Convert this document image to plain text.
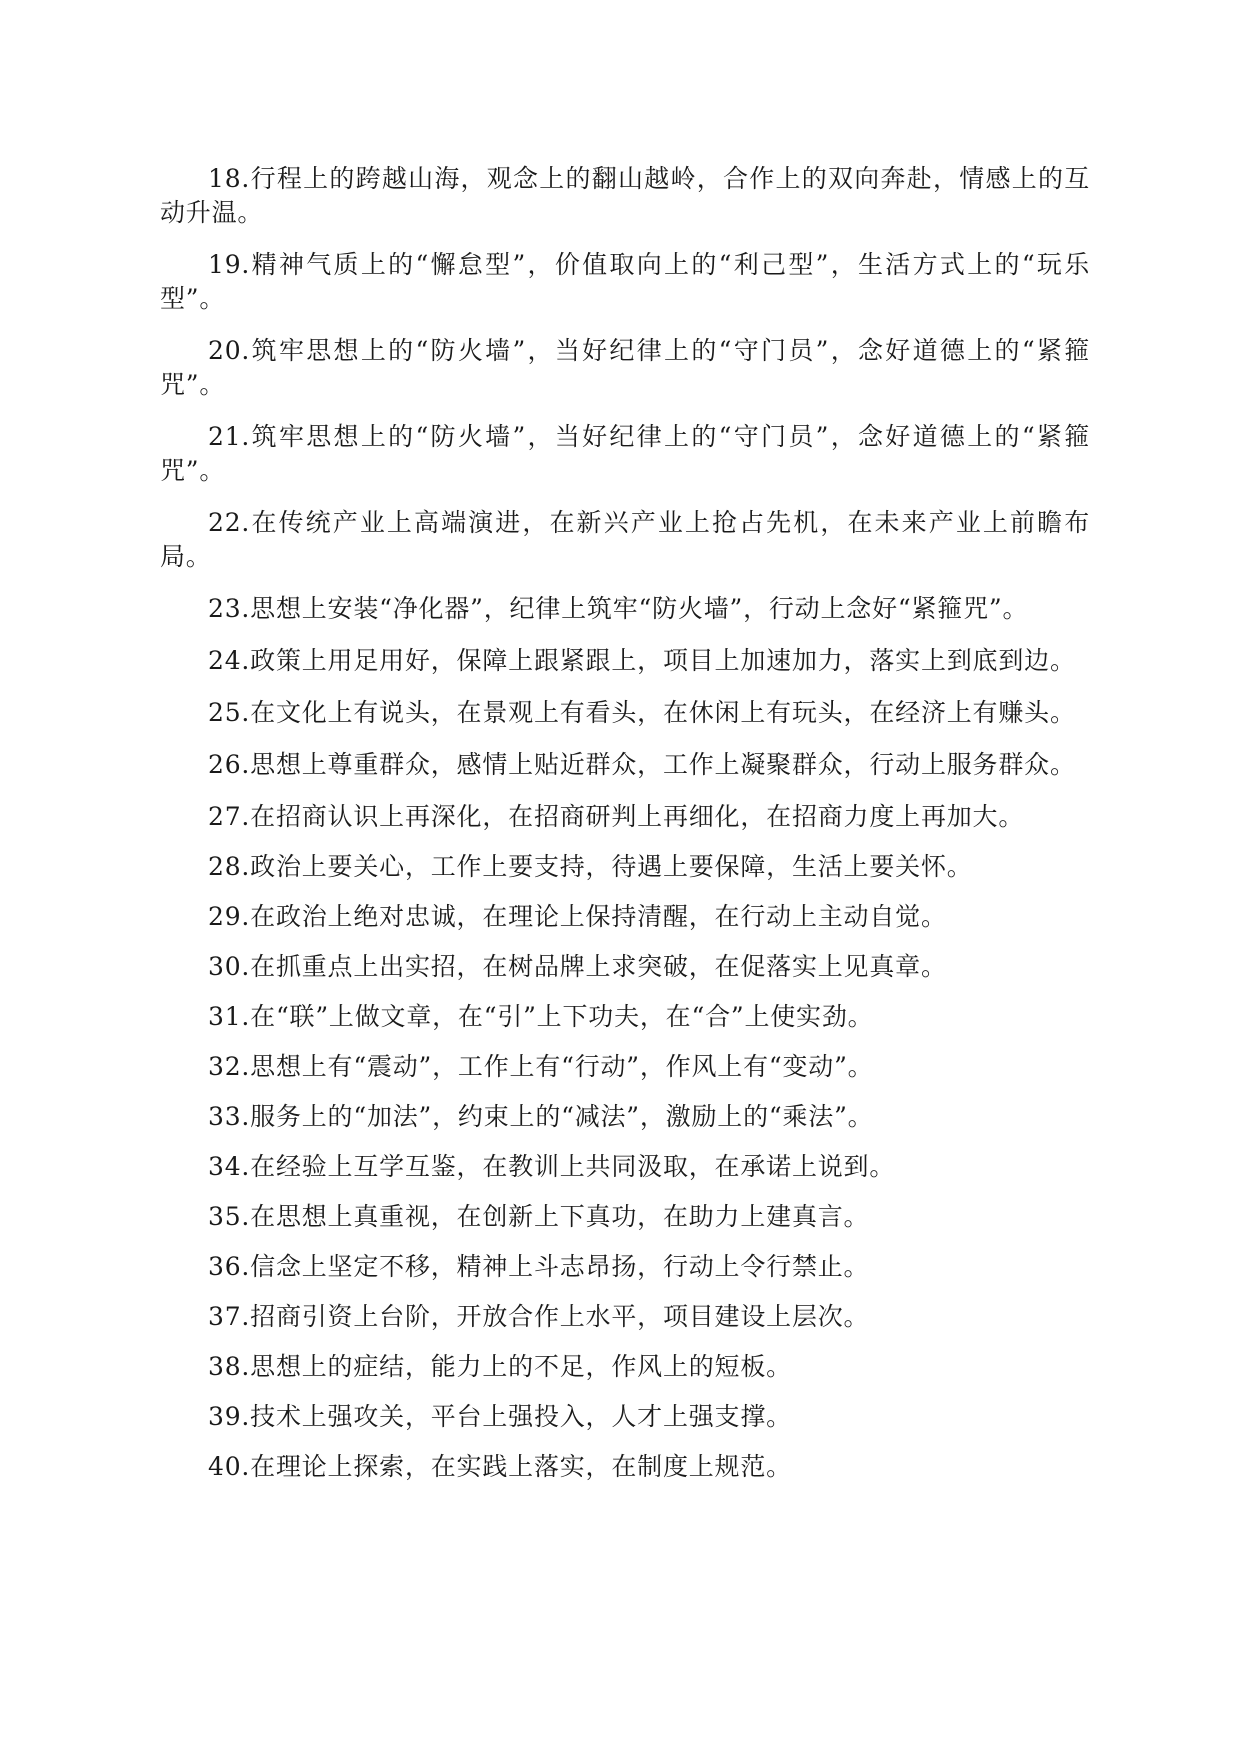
18.行程上的跨越山海，观念上的翻山越岭，合作上的双向奔赴，情感上的互动升温。

19.精神气质上的“懈怠型”，价值取向上的“利己型”，生活方式上的“玩乐型”。

20.筑牢思想上的“防火墙”，当好纪律上的“守门员”，念好道德上的“紧箍咒”。

21.筑牢思想上的“防火墙”，当好纪律上的“守门员”，念好道德上的“紧箍咒”。

22.在传统产业上高端演进，在新兴产业上抢占先机，在未来产业上前瞻布局。

23.思想上安装“净化器”，纪律上筑牢“防火墙”，行动上念好“紧箍咒”。

24.政策上用足用好，保障上跟紧跟上，项目上加速加力，落实上到底到边。

25.在文化上有说头，在景观上有看头，在休闲上有玩头，在经济上有赚头。

26.思想上尊重群众，感情上贴近群众，工作上凝聚群众，行动上服务群众。

27.在招商认识上再深化，在招商研判上再细化，在招商力度上再加大。

28.政治上要关心，工作上要支持，待遇上要保障，生活上要关怀。

29.在政治上绝对忠诚，在理论上保持清醒，在行动上主动自觉。

30.在抓重点上出实招，在树品牌上求突破，在促落实上见真章。

31.在“联”上做文章，在“引”上下功夫，在“合”上使实劲。

32.思想上有“震动”，工作上有“行动”，作风上有“变动”。

33.服务上的“加法”，约束上的“减法”，激励上的“乘法”。

34.在经验上互学互鉴，在教训上共同汲取，在承诺上说到。

35.在思想上真重视，在创新上下真功，在助力上建真言。

36.信念上坚定不移，精神上斗志昂扬，行动上令行禁止。

37.招商引资上台阶，开放合作上水平，项目建设上层次。

38.思想上的症结，能力上的不足，作风上的短板。

39.技术上强攻关，平台上强投入，人才上强支撑。

40.在理论上探索，在实践上落实，在制度上规范。
